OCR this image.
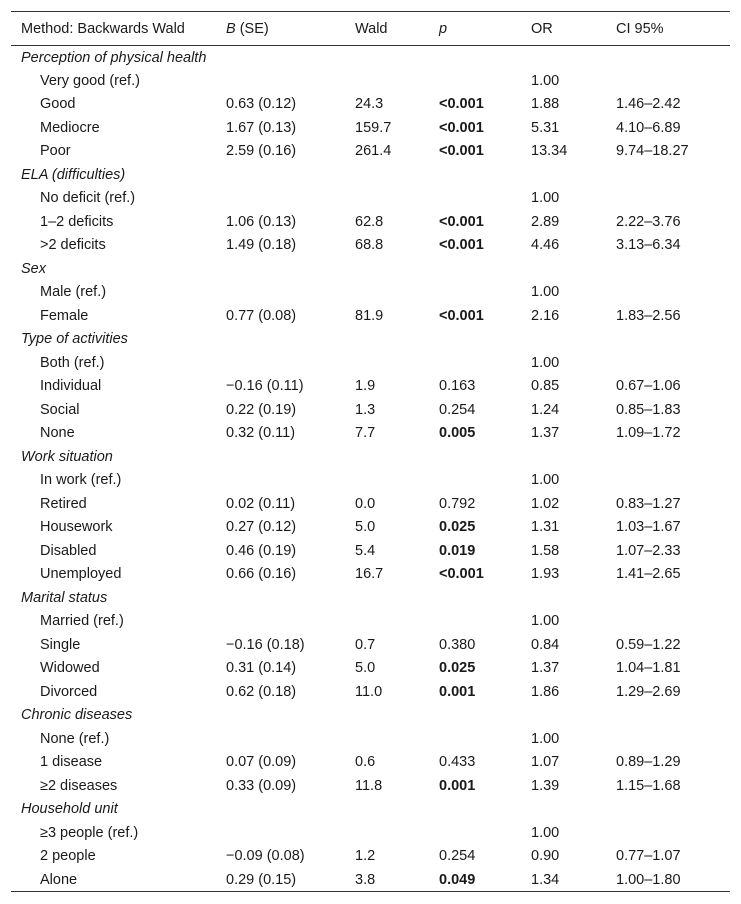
Method: Backwards Wald	B (SE)	Wald	p	OR	CI 95%
Perception of physical health					
Very good (ref.)				1.00	
Good	0.63 (0.12)	24.3	<0.001	1.88	1.46–2.42
Mediocre	1.67 (0.13)	159.7	<0.001	5.31	4.10–6.89
Poor	2.59 (0.16)	261.4	<0.001	13.34	9.74–18.27
ELA (difficulties)					
No deficit (ref.)				1.00	
1–2 deficits	1.06 (0.13)	62.8	<0.001	2.89	2.22–3.76
>2 deficits	1.49 (0.18)	68.8	<0.001	4.46	3.13–6.34
Sex					
Male (ref.)				1.00	
Female	0.77 (0.08)	81.9	<0.001	2.16	1.83–2.56
Type of activities					
Both (ref.)				1.00	
Individual	−0.16 (0.11)	1.9	0.163	0.85	0.67–1.06
Social	0.22 (0.19)	1.3	0.254	1.24	0.85–1.83
None	0.32 (0.11)	7.7	0.005	1.37	1.09–1.72
Work situation					
In work (ref.)				1.00	
Retired	0.02 (0.11)	0.0	0.792	1.02	0.83–1.27
Housework	0.27 (0.12)	5.0	0.025	1.31	1.03–1.67
Disabled	0.46 (0.19)	5.4	0.019	1.58	1.07–2.33
Unemployed	0.66 (0.16)	16.7	<0.001	1.93	1.41–2.65
Marital status					
Married (ref.)				1.00	
Single	−0.16 (0.18)	0.7	0.380	0.84	0.59–1.22
Widowed	0.31 (0.14)	5.0	0.025	1.37	1.04–1.81
Divorced	0.62 (0.18)	11.0	0.001	1.86	1.29–2.69
Chronic diseases					
None (ref.)				1.00	
1 disease	0.07 (0.09)	0.6	0.433	1.07	0.89–1.29
≥2 diseases	0.33 (0.09)	11.8	0.001	1.39	1.15–1.68
Household unit					
≥3 people (ref.)				1.00	
2 people	−0.09 (0.08)	1.2	0.254	0.90	0.77–1.07
Alone	0.29 (0.15)	3.8	0.049	1.34	1.00–1.80
